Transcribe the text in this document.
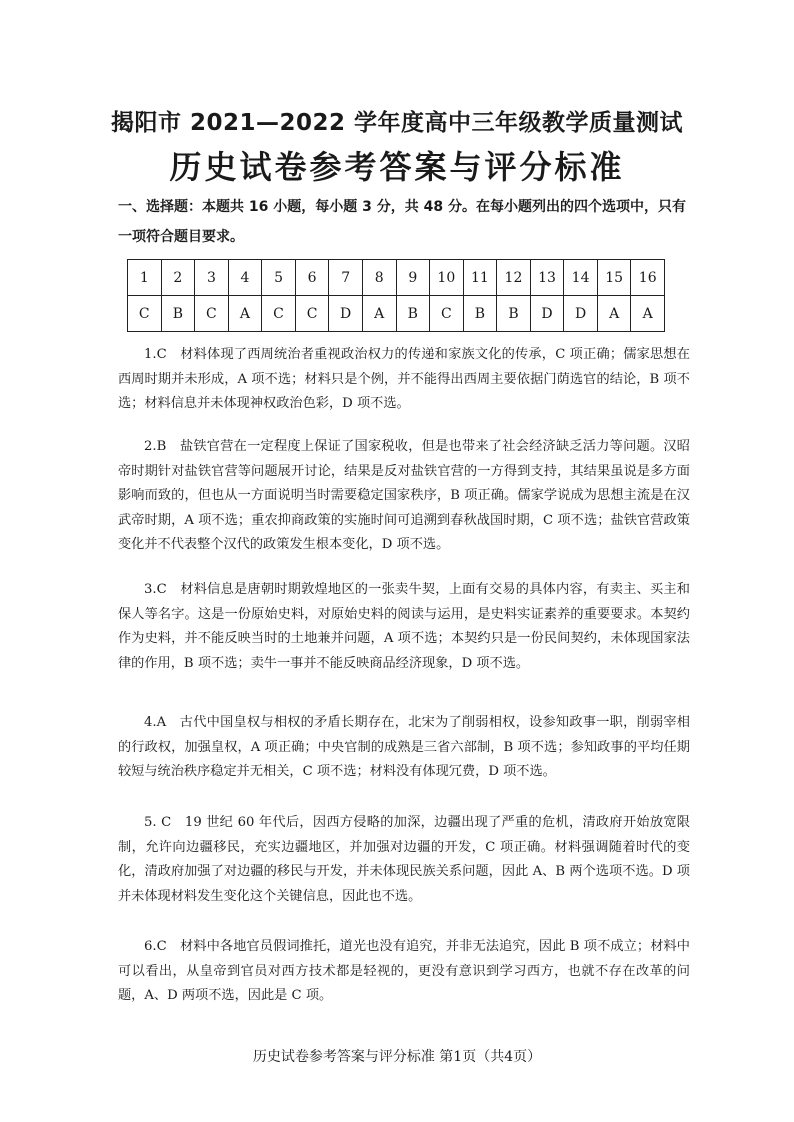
揭阳市 2021—2022 学年度高中三年级教学质量测试
历史试卷参考答案与评分标准
一、选择题：本题共 16 小题，每小题 3 分，共 48 分。在每小题列出的四个选项中，只有一项符合题目要求。
1	2	3	4	5	6	7	8	9	10	11	12	13	14	15	16
C	B	C	A	C	C	D	A	B	C	B	B	D	D	A	A

1.C　材料体现了西周统治者重视政治权力的传递和家族文化的传承，C 项正确；儒家思想在西周时期并未形成，A 项不选；材料只是个例，并不能得出西周主要依据门荫选官的结论，B 项不选；材料信息并未体现神权政治色彩，D 项不选。

2.B　盐铁官营在一定程度上保证了国家税收，但是也带来了社会经济缺乏活力等问题。汉昭帝时期针对盐铁官营等问题展开讨论，结果是反对盐铁官营的一方得到支持，其结果虽说是多方面影响而致的，但也从一方面说明当时需要稳定国家秩序，B 项正确。儒家学说成为思想主流是在汉武帝时期，A 项不选；重农抑商政策的实施时间可追溯到春秋战国时期，C 项不选；盐铁官营政策变化并不代表整个汉代的政策发生根本变化，D 项不选。

3.C　材料信息是唐朝时期敦煌地区的一张卖牛契，上面有交易的具体内容，有卖主、买主和保人等名字。这是一份原始史料，对原始史料的阅读与运用，是史料实证素养的重要要求。本契约作为史料，并不能反映当时的土地兼并问题，A 项不选；本契约只是一份民间契约，未体现国家法律的作用，B 项不选；卖牛一事并不能反映商品经济现象，D 项不选。

4.A　古代中国皇权与相权的矛盾长期存在，北宋为了削弱相权，设参知政事一职，削弱宰相的行政权，加强皇权，A 项正确；中央官制的成熟是三省六部制，B 项不选；参知政事的平均任期较短与统治秩序稳定并无相关，C 项不选；材料没有体现冗费，D 项不选。

5. C　19 世纪 60 年代后，因西方侵略的加深，边疆出现了严重的危机，清政府开始放宽限制，允许向边疆移民，充实边疆地区，并加强对边疆的开发，C 项正确。材料强调随着时代的变化，清政府加强了对边疆的移民与开发，并未体现民族关系问题，因此 A、B 两个选项不选。D 项并未体现材料发生变化这个关键信息，因此也不选。

6.C　材料中各地官员假词推托，道光也没有追究，并非无法追究，因此 B 项不成立；材料中可以看出，从皇帝到官员对西方技术都是轻视的，更没有意识到学习西方，也就不存在改革的问题，A、D 两项不选，因此是 C 项。

历史试卷参考答案与评分标准 第1页（共4页）
